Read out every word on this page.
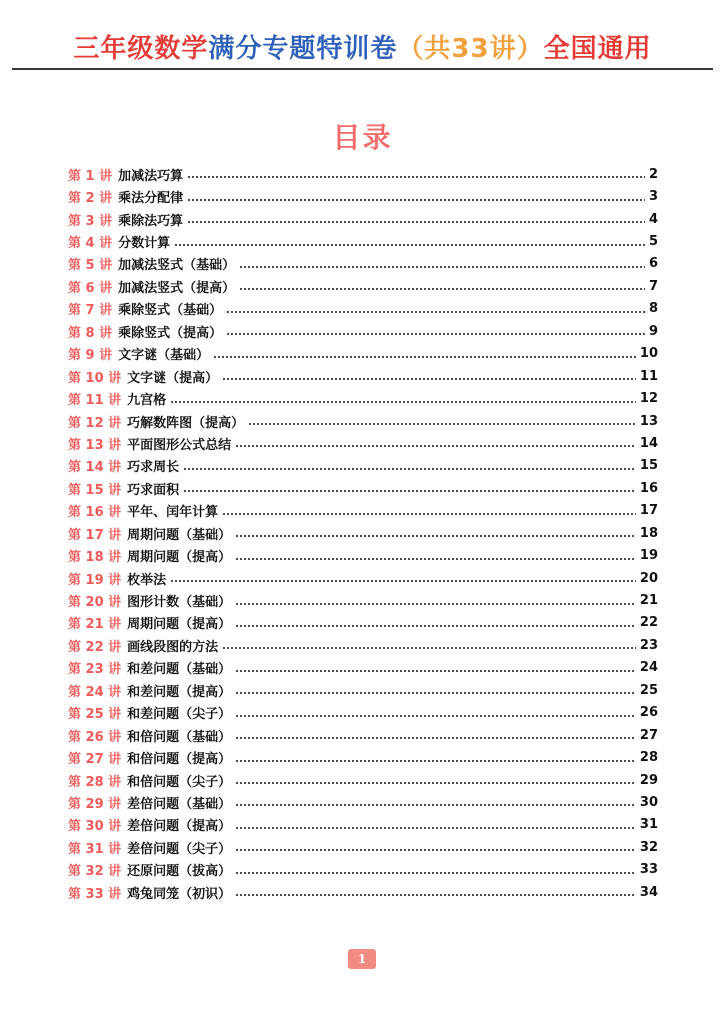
三年级数学满分专题特训卷（共33讲）全国通用
目录
第 1 讲 加减法巧算	2
第 2 讲 乘法分配律	3
第 3 讲 乘除法巧算	4
第 4 讲 分数计算	5
第 5 讲 加减法竖式（基础）	6
第 6 讲 加减法竖式（提高）	7
第 7 讲 乘除竖式（基础）	8
第 8 讲 乘除竖式（提高）	9
第 9 讲 文字谜（基础）	10
第 10 讲 文字谜（提高）	11
第 11 讲 九宫格	12
第 12 讲 巧解数阵图（提高）	13
第 13 讲 平面图形公式总结	14
第 14 讲 巧求周长	15
第 15 讲 巧求面积	16
第 16 讲 平年、闰年计算	17
第 17 讲 周期问题（基础）	18
第 18 讲 周期问题（提高）	19
第 19 讲 枚举法	20
第 20 讲 图形计数（基础）	21
第 21 讲 周期问题（提高）	22
第 22 讲 画线段图的方法	23
第 23 讲 和差问题（基础）	24
第 24 讲 和差问题（提高）	25
第 25 讲 和差问题（尖子）	26
第 26 讲 和倍问题（基础）	27
第 27 讲 和倍问题（提高）	28
第 28 讲 和倍问题（尖子）	29
第 29 讲 差倍问题（基础）	30
第 30 讲 差倍问题（提高）	31
第 31 讲 差倍问题（尖子）	32
第 32 讲 还原问题（拔高）	33
第 33 讲 鸡兔同笼（初识）	34
1
